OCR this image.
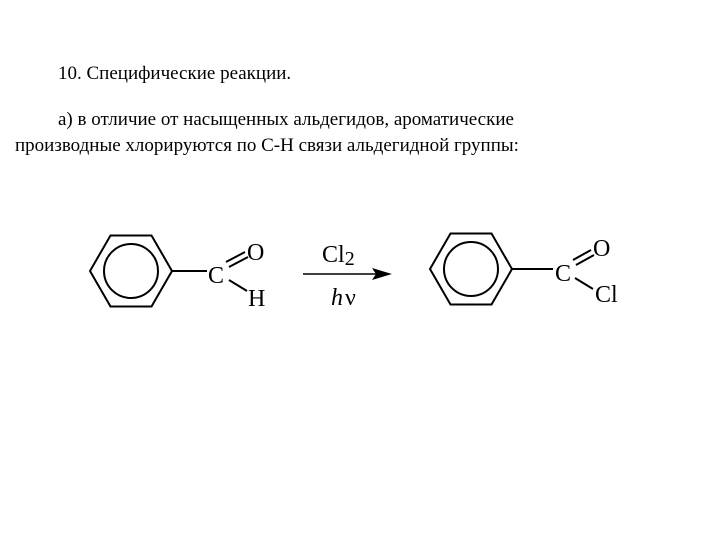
10. Специфические реакции.
а) в отличие от насыщенных альдегидов, ароматические
производные хлорируются по С-Н связи альдегидной группы:
C
O
H
Cl2
hν
C
O
Cl
